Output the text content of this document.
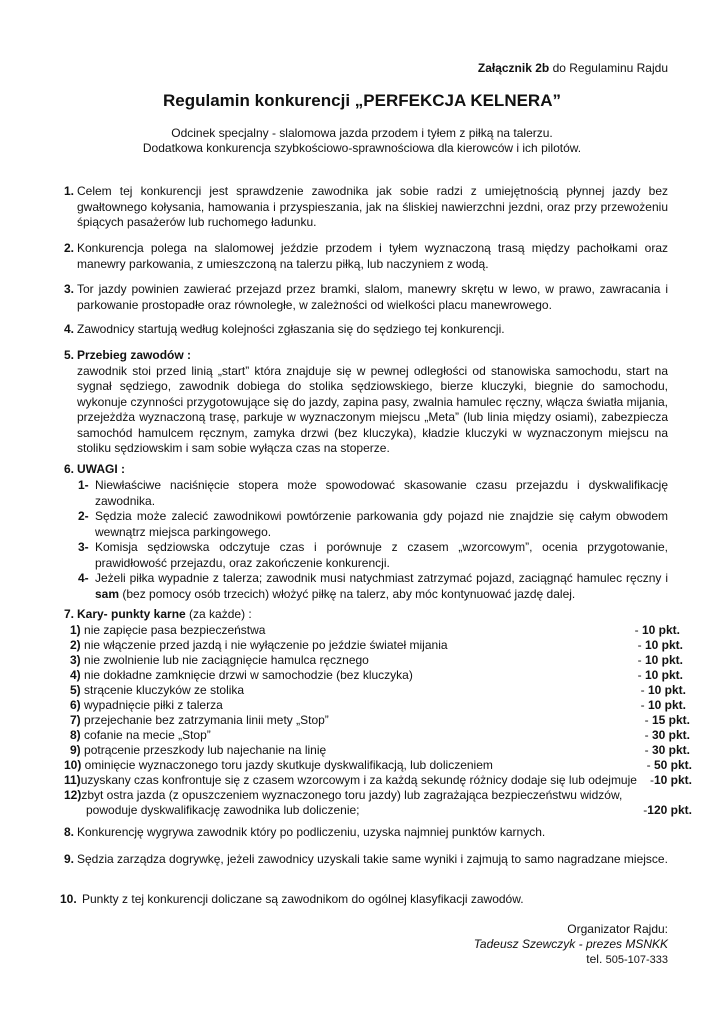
Załącznik 2b do Regulaminu Rajdu
Regulamin konkurencji „PERFEKCJA KELNERA”
Odcinek specjalny - slalomowa jazda przodem i tyłem z piłką na talerzu.
Dodatkowa konkurencja szybkościowo-sprawnościowa dla kierowców i ich pilotów.
1. Celem tej konkurencji jest sprawdzenie zawodnika jak sobie radzi z umiejętnością płynnej jazdy bez gwałtownego kołysania, hamowania i przyspieszania, jak na śliskiej nawierzchni jezdni, oraz przy przewożeniu śpiących pasażerów lub ruchomego ładunku.
2. Konkurencja polega na slalomowej jeździe przodem i tyłem wyznaczoną trasą między pachołkami oraz manewry parkowania, z umieszczoną na talerzu piłką, lub naczyniem z wodą.
3. Tor jazdy powinien zawierać przejazd przez bramki, slalom, manewry skrętu w lewo, w prawo, zawracania i parkowanie prostopadłe oraz równoległe, w zależności od wielkości placu manewrowego.
4. Zawodnicy startują według kolejności zgłaszania się do sędziego tej konkurencji.
5. Przebieg zawodów :
zawodnik stoi przed linią „start” która znajduje się w pewnej odległości od stanowiska samochodu, start na sygnał sędziego, zawodnik dobiega do stolika sędziowskiego, bierze kluczyki, biegnie do samochodu, wykonuje czynności przygotowujące się do jazdy, zapina pasy, zwalnia hamulec ręczny, włącza światła mijania, przejeżdża wyznaczoną trasę, parkuje w wyznaczonym miejscu „Meta” (lub linia między osiami), zabezpiecza samochód hamulcem ręcznym, zamyka drzwi (bez kluczyka), kładzie kluczyki w wyznaczonym miejscu na stoliku sędziowskim i sam sobie wyłącza czas na stoperze.
6. UWAGI :
1- Niewłaściwe naciśnięcie stopera może spowodować skasowanie czasu przejazdu i dyskwalifikację zawodnika.
2- Sędzia może zalecić zawodnikowi powtórzenie parkowania gdy pojazd nie znajdzie się całym obwodem wewnątrz miejsca parkingowego.
3- Komisja sędziowska odczytuje czas i porównuje z czasem „wzorcowym”, ocenia przygotowanie, prawidłowość przejazdu, oraz zakończenie konkurencji.
4- Jeżeli piłka wypadnie z talerza; zawodnik musi natychmiast zatrzymać pojazd, zaciągnąć hamulec ręczny i sam (bez pomocy osób trzecich) włożyć piłkę na talerz, aby móc kontynuować jazdę dalej.
7. Kary- punkty karne (za każde) :
1) nie zapięcie pasa bezpieczeństwa	- 10 pkt.
2) nie włączenie przed jazdą i nie wyłączenie po jeździe świateł mijania	- 10 pkt.
3) nie zwolnienie lub nie zaciągnięcie hamulca ręcznego	- 10 pkt.
4) nie dokładne zamknięcie drzwi w samochodzie (bez kluczyka)	- 10 pkt.
5) strącenie kluczyków ze stolika	- 10 pkt.
6) wypadnięcie piłki z talerza	- 10 pkt.
7) przejechanie bez zatrzymania linii mety „Stop”	- 15 pkt.
8) cofanie na mecie „Stop”	- 30 pkt.
9) potrącenie przeszkody lub najechanie na linię	- 30 pkt.
10) ominięcie wyznaczonego toru jazdy skutkuje dyskwalifikacją, lub doliczeniem	- 50 pkt.
11)uzyskany czas konfrontuje się z czasem wzorcowym i za każdą sekundę różnicy dodaje się lub odejmuje -10 pkt.
12)zbyt ostra jazda (z opuszczeniem wyznaczonego toru jazdy) lub zagrażająca bezpieczeństwu widzów,
powoduje dyskwalifikację zawodnika lub doliczenie;	-120 pkt.
8. Konkurencję wygrywa zawodnik który po podliczeniu, uzyska najmniej punktów karnych.
9. Sędzia zarządza dogrywkę, jeżeli zawodnicy uzyskali takie same wyniki i zajmują to samo nagradzane miejsce.
10. Punkty z tej konkurencji doliczane są zawodnikom do ogólnej klasyfikacji zawodów.
Organizator Rajdu:
Tadeusz Szewczyk - prezes MSNKK
tel. 505-107-333
